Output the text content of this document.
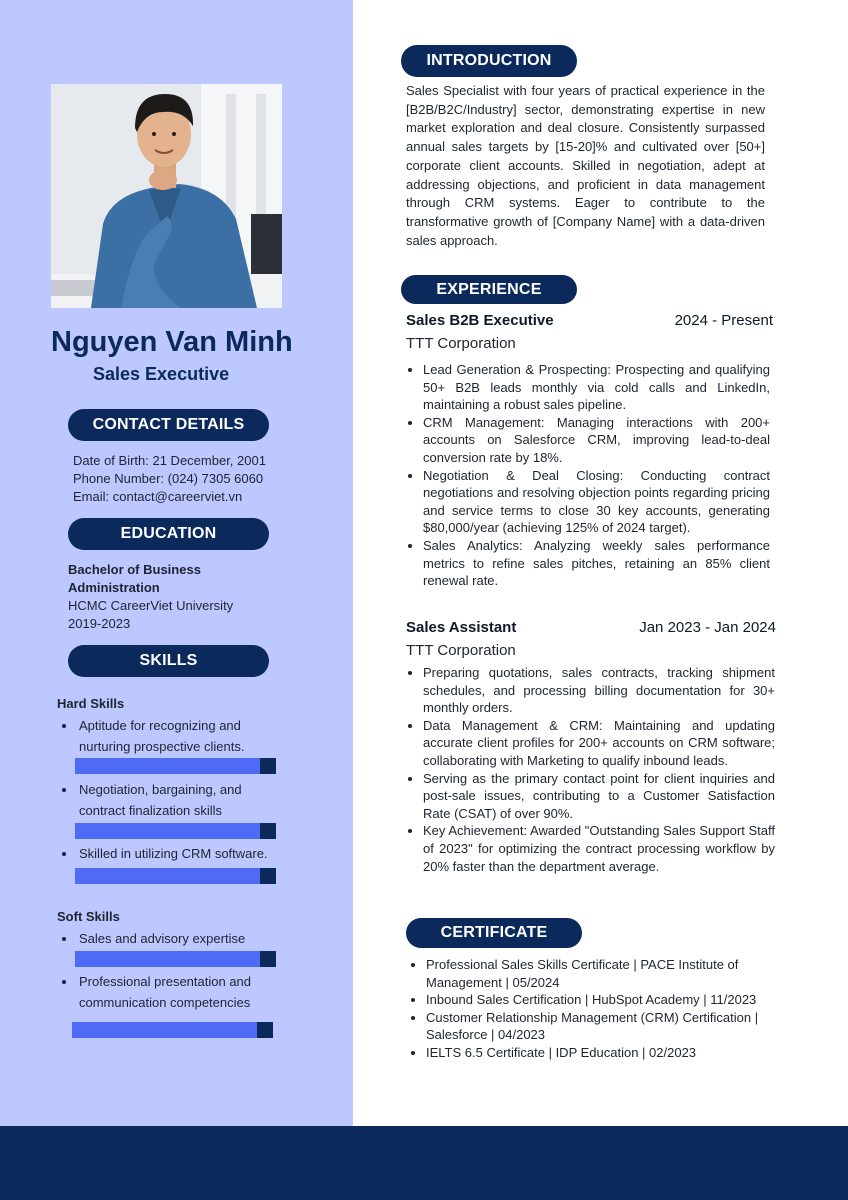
Nguyen Van Minh
Sales Executive
CONTACT DETAILS
Date of Birth: 21 December, 2001
Phone Number: (024) 7305 6060
Email: contact@careerviet.vn
EDUCATION
Bachelor of Business
Administration
HCMC CareerViet University
2019-2023
SKILLS
Hard Skills
Aptitude for recognizing and
nurturing prospective clients.
Negotiation, bargaining, and
contract finalization skills
Skilled in utilizing CRM software.
Soft Skills
Sales and advisory expertise
Professional presentation and
communication competencies
INTRODUCTION
Sales Specialist with four years of practical experience in the [B2B/B2C/Industry] sector, demonstrating expertise in new market exploration and deal closure. Consistently surpassed annual sales targets by [15-20]% and cultivated over [50+] corporate client accounts. Skilled in negotiation, adept at addressing objections, and proficient in data management through CRM systems. Eager to contribute to the transformative growth of [Company Name] with a data-driven sales approach.
EXPERIENCE
Sales B2B Executive	2024 - Present
TTT Corporation
Lead Generation & Prospecting: Prospecting and qualifying 50+ B2B leads monthly via cold calls and LinkedIn, maintaining a robust sales pipeline.
CRM Management: Managing interactions with 200+ accounts on Salesforce CRM, improving lead-to-deal conversion rate by 18%.
Negotiation & Deal Closing: Conducting contract negotiations and resolving objection points regarding pricing and service terms to close 30 key accounts, generating $80,000/year (achieving 125% of 2024 target).
Sales Analytics: Analyzing weekly sales performance metrics to refine sales pitches, retaining an 85% client renewal rate.
Sales Assistant	Jan 2023 - Jan 2024
TTT Corporation
Preparing quotations, sales contracts, tracking shipment schedules, and processing billing documentation for 30+ monthly orders.
Data Management & CRM: Maintaining and updating accurate client profiles for 200+ accounts on CRM software; collaborating with Marketing to qualify inbound leads.
Serving as the primary contact point for client inquiries and post-sale issues, contributing to a Customer Satisfaction Rate (CSAT) of over 90%.
Key Achievement: Awarded "Outstanding Sales Support Staff of 2023" for optimizing the contract processing workflow by 20% faster than the department average.
CERTIFICATE
Professional Sales Skills Certificate | PACE Institute of Management | 05/2024
Inbound Sales Certification | HubSpot Academy | 11/2023
Customer Relationship Management (CRM) Certification | Salesforce | 04/2023
IELTS 6.5 Certificate | IDP Education | 02/2023
